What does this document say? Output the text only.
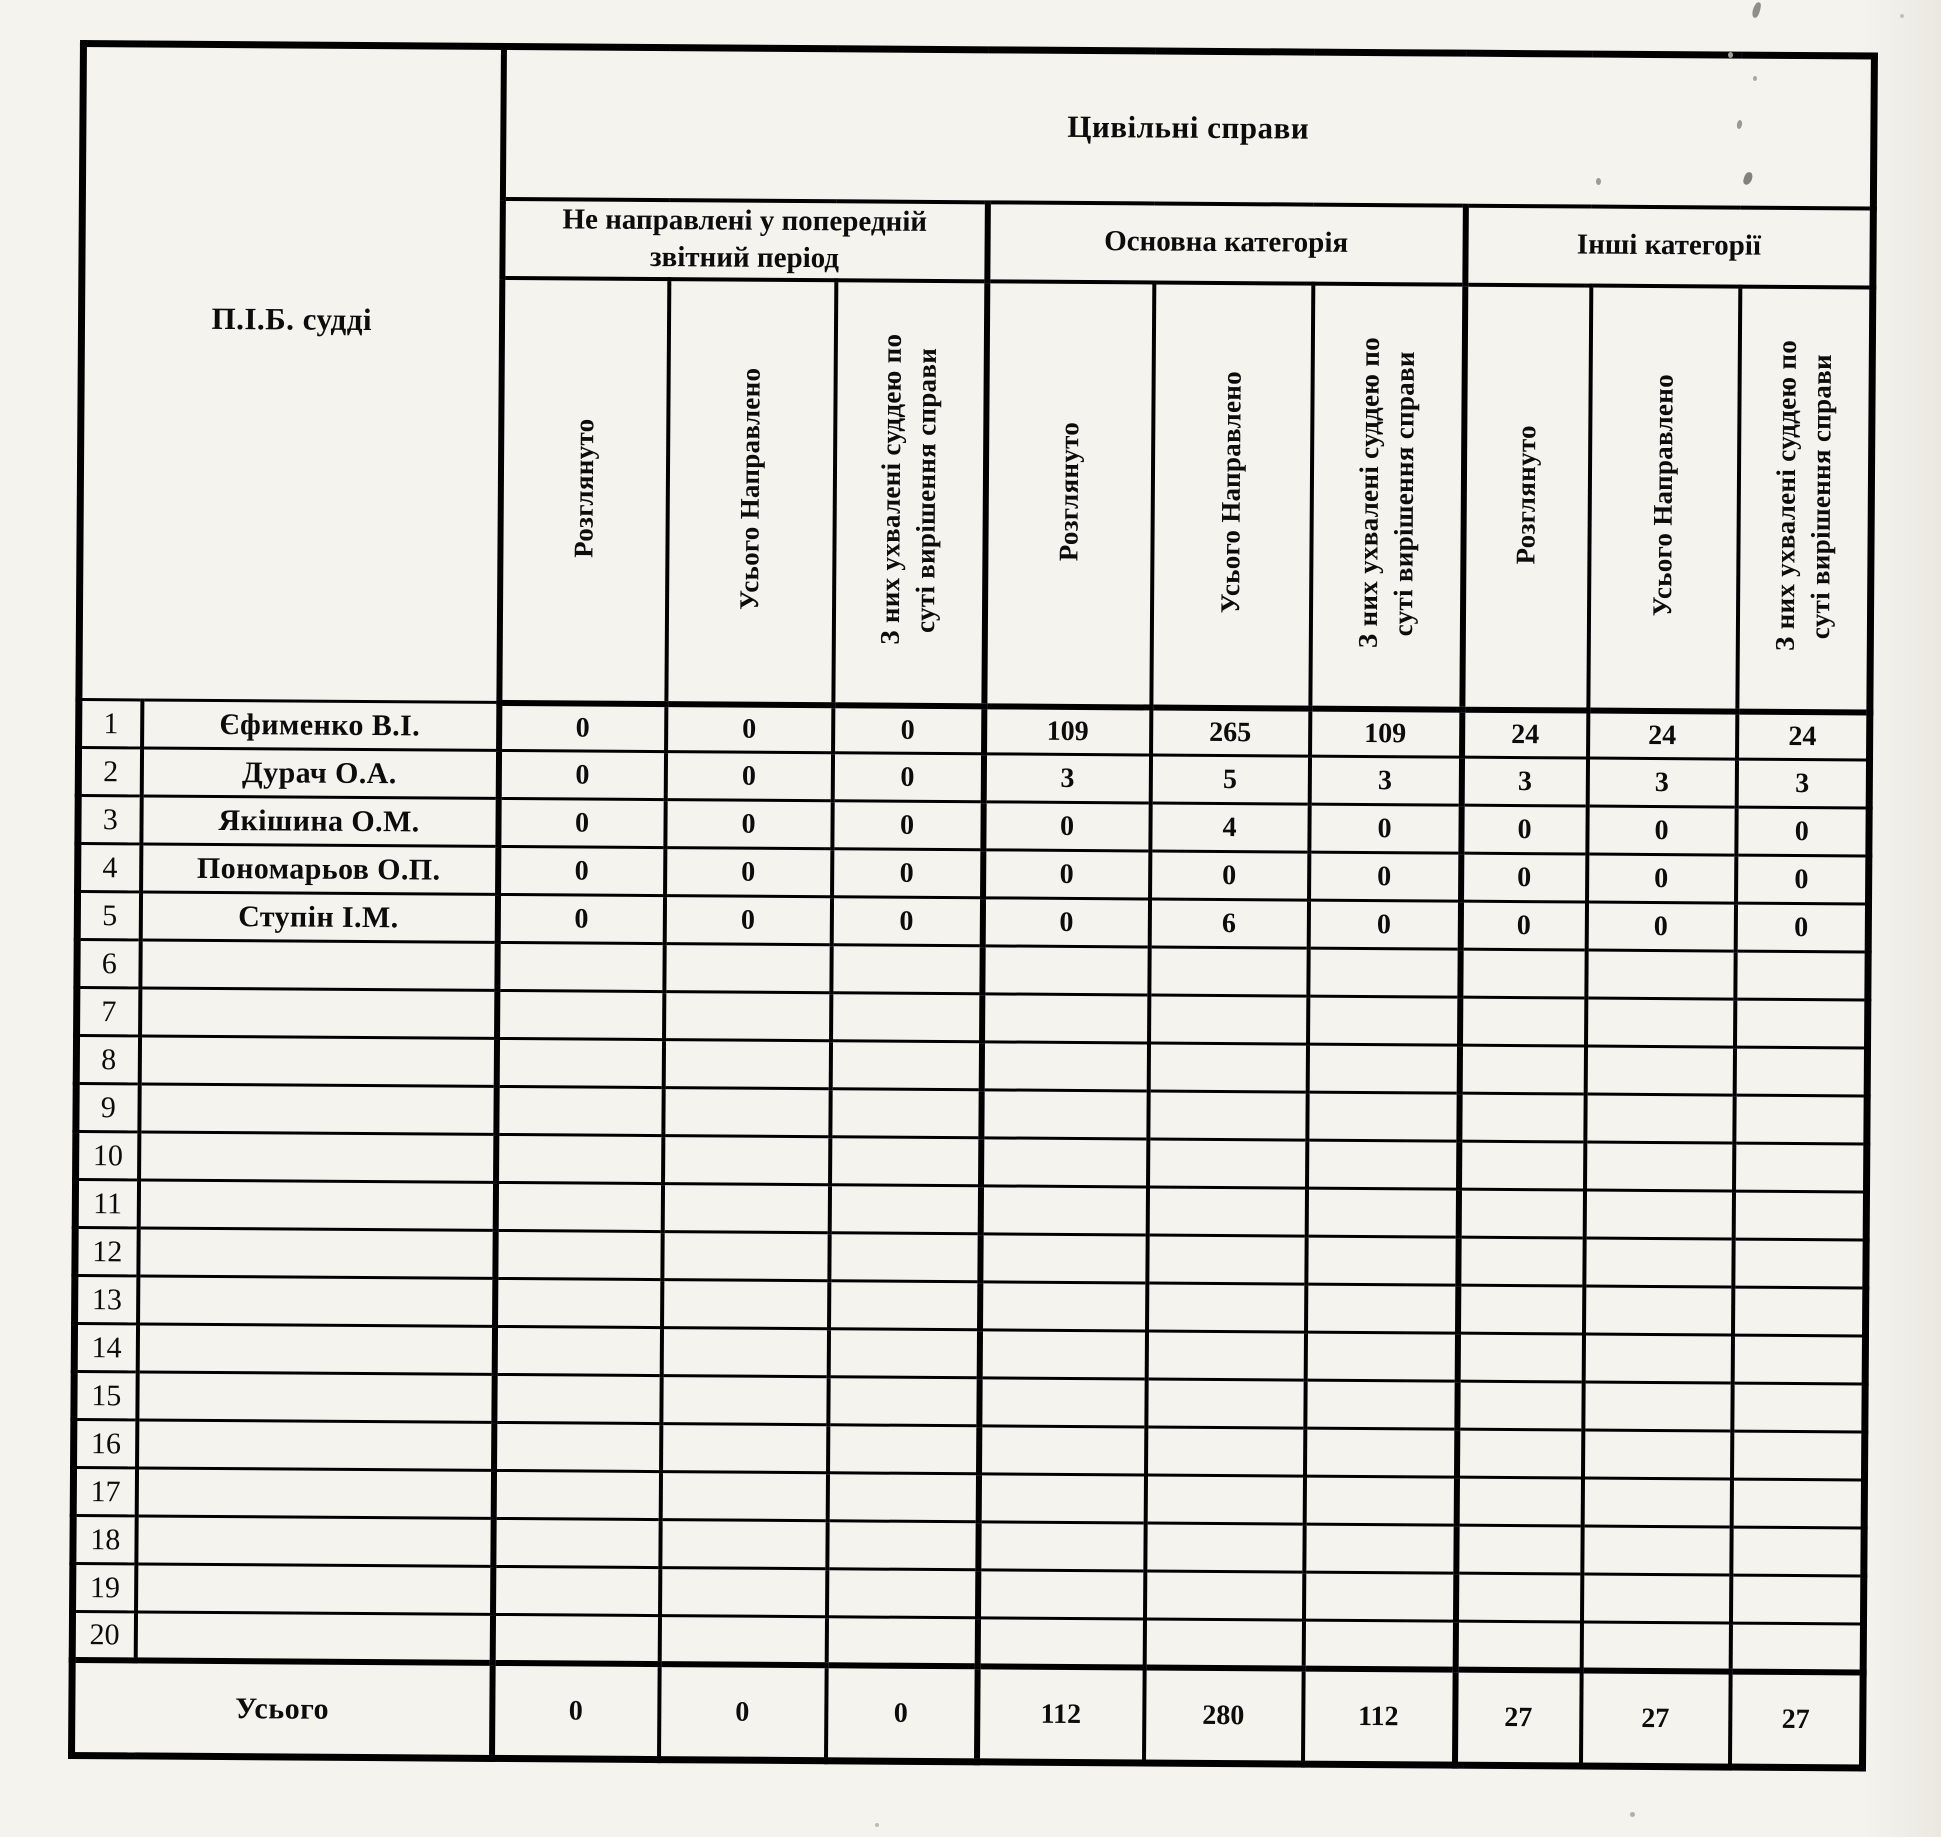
П.І.Б. судді		Цивільні справи								
		Не направлені у попередній звітний період			Основна категорія			Інші категорії		
		Розглянуто	Усього Направлено	З них ухвалені суддею по суті вирішення справи	Розглянуто	Усього Направлено	З них ухвалені суддею по суті вирішення справи	Розглянуто	Усього Направлено	З них ухвалені суддею по суті вирішення справи
1	Єфименко В.І.	0	0	0	109	265	109	24	24	24
2	Дурач О.А.	0	0	0	3	5	3	3	3	3
3	Якішина О.М.	0	0	0	0	4	0	0	0	0
4	Пономарьов О.П.	0	0	0	0	0	0	0	0	0
5	Ступін І.М.	0	0	0	0	6	0	0	0	0
6										
7										
8										
9										
10										
11										
12										
13										
14										
15										
16										
17										
18										
19										
20										
Усього		0	0	0	112	280	112	27	27	27
